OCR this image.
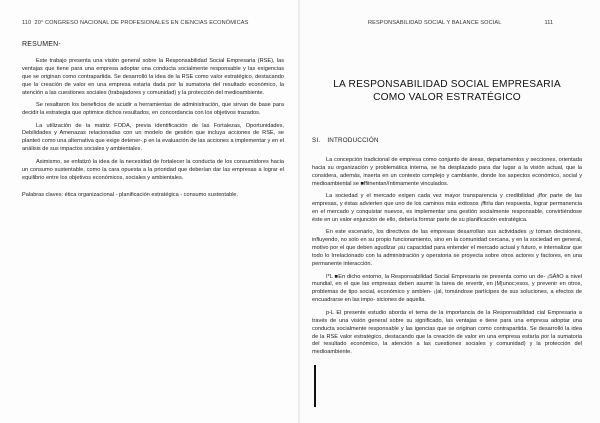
110 20° CONGRESO NACIONAL DE PROFESIONALES EN CIENCIAS ECONÓMICAS
RESUMEN-

Este trabajo presenta una visión general sobre la Responsabilidad Social Empresaria (RSE), las ventajas que tiene para una empresa adoptar una conducta socialmente responsable y las exigencias que se originan como contrapartida. Se desarrolló la idea de la RSE como valor estratégico, destacando que la creación de valor en una empresa estaría dada por la sumatoria del resultado económico, la atención a las cuestiones sociales (trabajadores y comunidad) y la protección del medioambiente.

Se resaltaron los beneficios de acudir a herramientas de administración, que sirvan de base para decidir la estrategia que optimice dichos resultados, en concordancia con los objetivos trazados.

La utilización de la matriz FODA, previa identificación de las Fortalezas, Oportunidades, Debilidades y Amenazas relacionadas con un modelo de gestión que incluya acciones de RSE, se planteó como una alternativa que exige detener-,p en la evaluación de las acciones a implementar y en el análisis de sus impactos sociales y ambientales.

Asimismo, se enfatizó la idea de la necesidad de fortalecer la conducta de los consumidores hacia un consumo sustentable, como la cara opuesta a la prioridad que deberían dar las empresas a lograr el equilibrio entre los objetivos económicos, sociales y ambientales.

Palabras claves: ética organizacional - planificación estratégica - consumo sustentable.

RESPONSABILIDAD SOCIAL Y BALANCE SOCIAL	111
LA RESPONSABILIDAD SOCIAL EMPRESARIA
COMO VALOR ESTRATÉGICO
SI. INTRODUCCIÓN

La concepción tradicional de empresa como conjunto de áreas, departamentos y secciones, orientada hacia su organización y problemática interna, se ha desplazado para dar lugar a la visión actual, que la considera, además, inserta en un contexto complejo y cambiante, donde los aspectos económico, social y medioambiental se ■ffiinentan/íntimamente vinculados.

La sociedad y el mercado exigen cada vez mayor transparencia y credibilidad ¡ffor parte de las empresas, y éstas advierten que uno de los caminos más exitosos ¡ffiría dan respuesta, lograr permanencia en el mercado y conquistar nuevos, es implementar una gestión socialmente responsable, convirtiéndose éste en un valor enjunción de ello, debería formar parte de su planificación estratégica.

En este escenario, los directivos de las empresas desarrollan sus actividades ¡y toman decisiones, influyendo, no solo en su propio funcionamiento, sino en la comunidad cercana, y en la sociedad en general, motivo por el que deben agudizar ¡su capacidad para entender el mercado actual y futuro, e internalizar que todo lo Irrelacionado con la administración y operatoria se proyecta sobre otros actores y factores, en una permanente interacción.

I*L ■En dicho entorno, la Responsabilidad Social Empresaria se presenta como un de- ¡SÁfiO a nivel mundial, en el que las empresas deben asumir la tarea de revertir, en |M|unoc;esos, y prevenir en otros, problemas de tipo social, económico y amblen- ¡|al, tomándose partícipes de sus soluciones, a efectos de encuadrarse en las impo- siciones de aquella.

p-L El presente estudio aborda el tema de la importancia de la Responsabilidad cial Empresaria a través de una visión general sobre su significado, las ventajas e tiene para una empresa adoptar una conducta socialmente responsable y las igencias que se originan como contrapartida. Se desarrolló la idea de la RSE valor estratégico, destacando que la creación de valor en una empresa estaría por la sumatoria del resultado económico, la atención a las cuestiones sociales y comunidad) y la protección del medioambiente.
